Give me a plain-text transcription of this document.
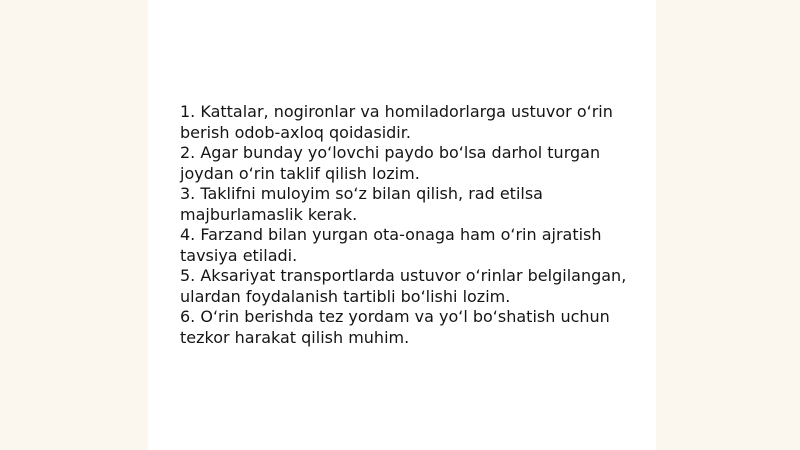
1. Kattalar, nogironlar va homiladorlarga ustuvor o‘rin berish odob-axloq qoidasidir.
2. Agar bunday yo‘lovchi paydo bo‘lsa darhol turgan joydan o‘rin taklif qilish lozim.
3. Taklifni muloyim so‘z bilan qilish, rad etilsa majburlamaslik kerak.
4. Farzand bilan yurgan ota-onaga ham o‘rin ajratish tavsiya etiladi.
5. Aksariyat transportlarda ustuvor o‘rinlar belgilangan, ulardan foydalanish tartibli bo‘lishi lozim.
6. O‘rin berishda tez yordam va yo‘l bo‘shatish uchun tezkor harakat qilish muhim.
